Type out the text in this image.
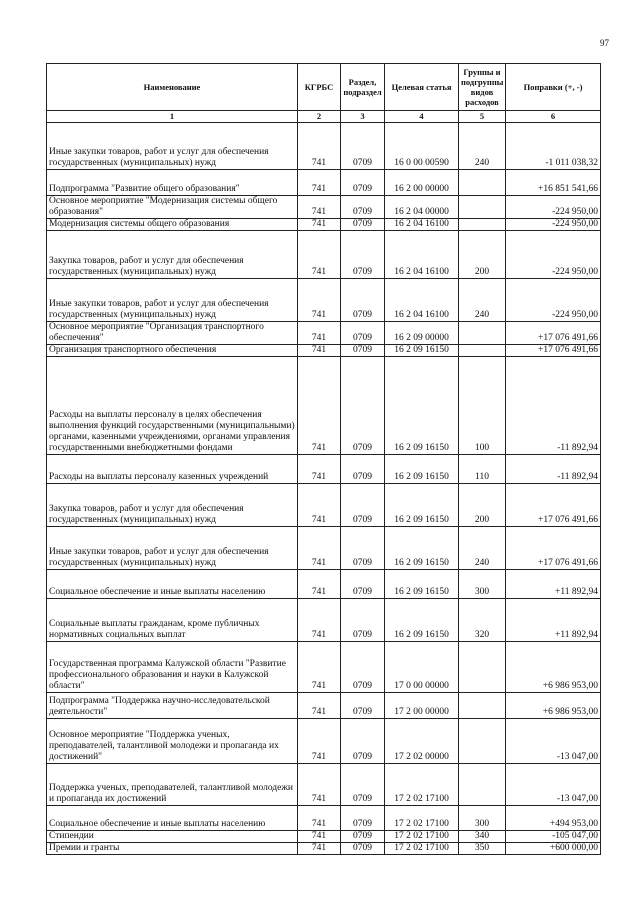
97
Наименование	КГРБС	Раздел, подраздел	Целевая статья	Группы и подгруппы видов расходов	Поправки (+, -)
1	2	3	4	5	6
Иные закупки товаров, работ и услуг для обеспечения государственных (муниципальных) нужд	741	0709	16 0 00 00590	240	-1 011 038,32
Подпрограмма "Развитие общего образования"	741	0709	16 2 00 00000		+16 851 541,66
Основное мероприятие "Модернизация системы общего образования"	741	0709	16 2 04 00000		-224 950,00
Модернизация системы общего образования	741	0709	16 2 04 16100		-224 950,00
Закупка товаров, работ и услуг для обеспечения государственных (муниципальных) нужд	741	0709	16 2 04 16100	200	-224 950,00
Иные закупки товаров, работ и услуг для обеспечения государственных (муниципальных) нужд	741	0709	16 2 04 16100	240	-224 950,00
Основное мероприятие "Организация транспортного обеспечения"	741	0709	16 2 09 00000		+17 076 491,66
Организация транспортного обеспечения	741	0709	16 2 09 16150		+17 076 491,66
Расходы на выплаты персоналу в целях обеспечения выполнения функций государственными (муниципальными) органами, казенными учреждениями, органами управления государственными внебюджетными фондами	741	0709	16 2 09 16150	100	-11 892,94
Расходы на выплаты персоналу казенных учреждений	741	0709	16 2 09 16150	110	-11 892,94
Закупка товаров, работ и услуг для обеспечения государственных (муниципальных) нужд	741	0709	16 2 09 16150	200	+17 076 491,66
Иные закупки товаров, работ и услуг для обеспечения государственных (муниципальных) нужд	741	0709	16 2 09 16150	240	+17 076 491,66
Социальное обеспечение и иные выплаты населению	741	0709	16 2 09 16150	300	+11 892,94
Социальные выплаты гражданам, кроме публичных нормативных социальных выплат	741	0709	16 2 09 16150	320	+11 892,94
Государственная программа Калужской области "Развитие профессионального образования и науки в Калужской области"	741	0709	17 0 00 00000		+6 986 953,00
Подпрограмма "Поддержка научно-исследовательской деятельности"	741	0709	17 2 00 00000		+6 986 953,00
Основное мероприятие "Поддержка ученых, преподавателей, талантливой молодежи и пропаганда их достижений"	741	0709	17 2 02 00000		-13 047,00
Поддержка ученых, преподавателей, талантливой молодежи и пропаганда их достижений	741	0709	17 2 02 17100		-13 047,00
Социальное обеспечение и иные выплаты населению	741	0709	17 2 02 17100	300	+494 953,00
Стипендии	741	0709	17 2 02 17100	340	-105 047,00
Премии и гранты	741	0709	17 2 02 17100	350	+600 000,00
